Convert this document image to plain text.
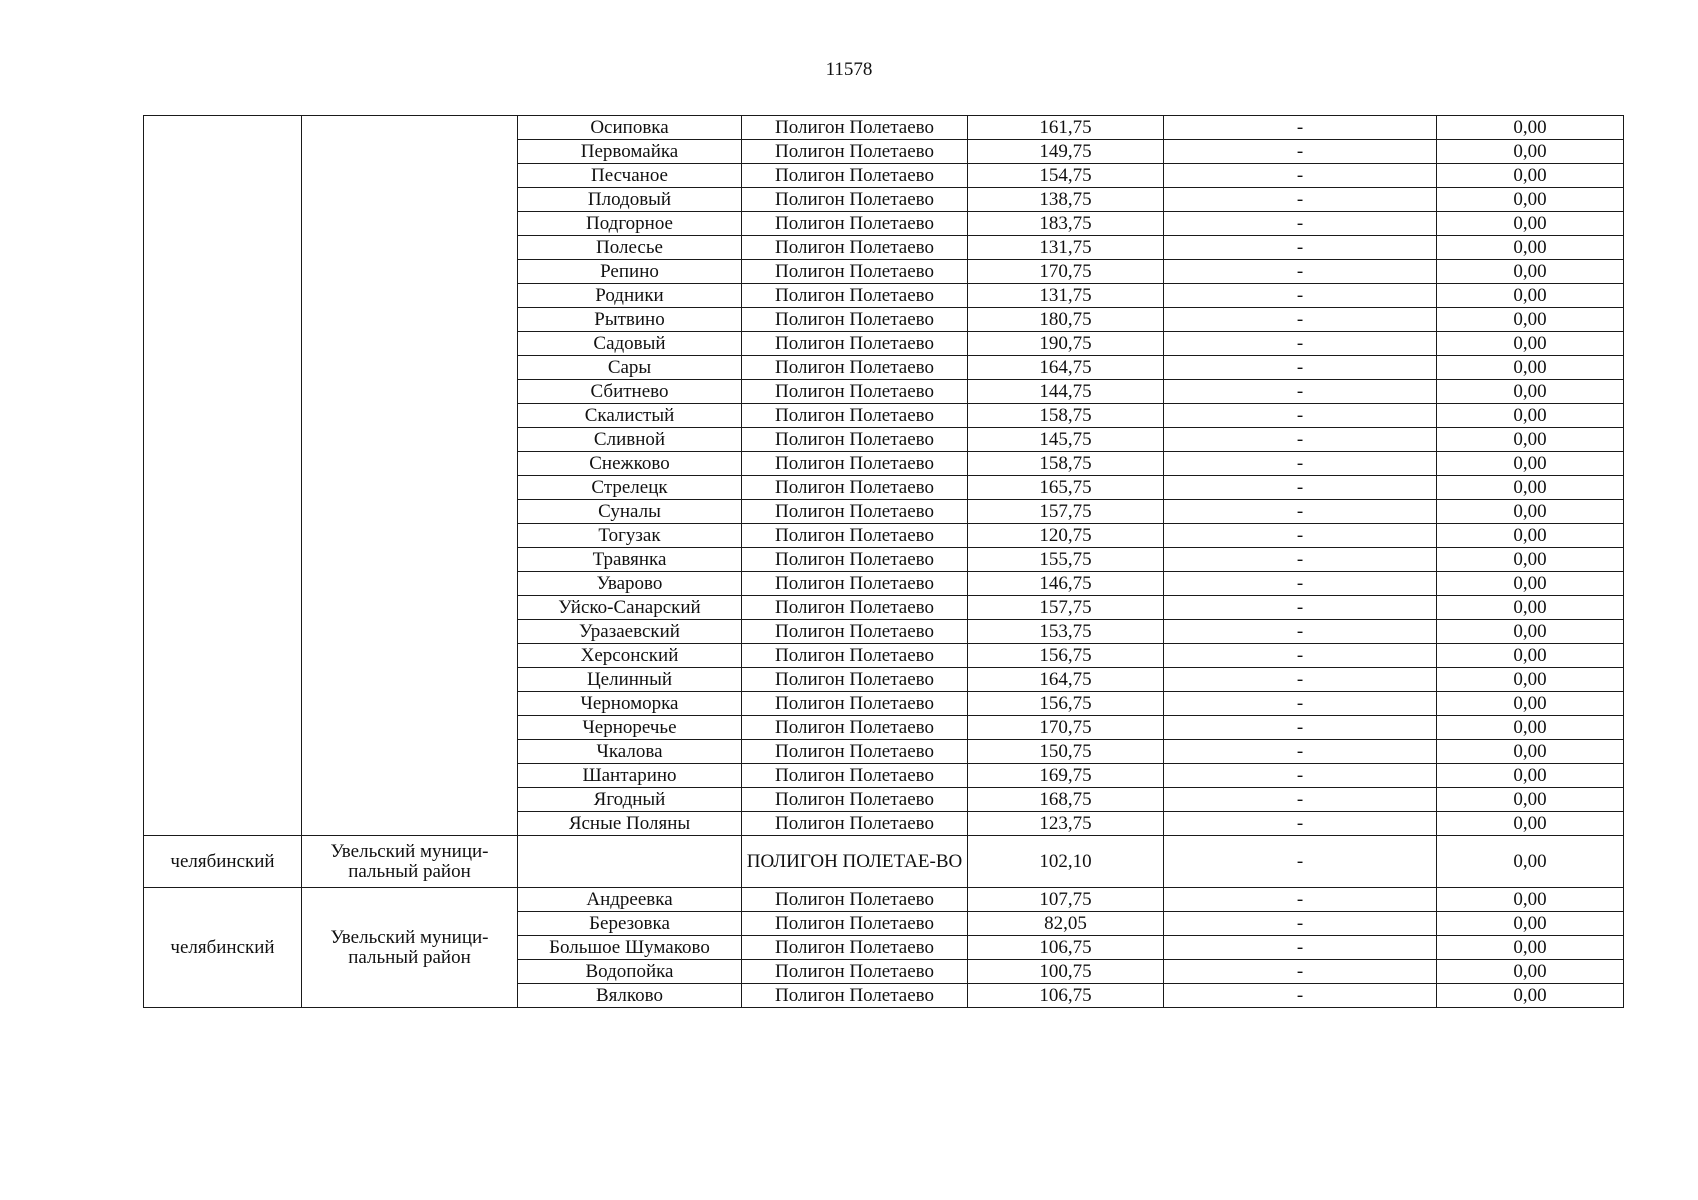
11578
		Осиповка	Полигон Полетаево	161,75	-	0,00
		Первомайка	Полигон Полетаево	149,75	-	0,00
		Песчаное	Полигон Полетаево	154,75	-	0,00
		Плодовый	Полигон Полетаево	138,75	-	0,00
		Подгорное	Полигон Полетаево	183,75	-	0,00
		Полесье	Полигон Полетаево	131,75	-	0,00
		Репино	Полигон Полетаево	170,75	-	0,00
		Родники	Полигон Полетаево	131,75	-	0,00
		Рытвино	Полигон Полетаево	180,75	-	0,00
		Садовый	Полигон Полетаево	190,75	-	0,00
		Сары	Полигон Полетаево	164,75	-	0,00
		Сбитнево	Полигон Полетаево	144,75	-	0,00
		Скалистый	Полигон Полетаево	158,75	-	0,00
		Сливной	Полигон Полетаево	145,75	-	0,00
		Снежково	Полигон Полетаево	158,75	-	0,00
		Стрелецк	Полигон Полетаево	165,75	-	0,00
		Суналы	Полигон Полетаево	157,75	-	0,00
		Тогузак	Полигон Полетаево	120,75	-	0,00
		Травянка	Полигон Полетаево	155,75	-	0,00
		Уварово	Полигон Полетаево	146,75	-	0,00
		Уйско-Санарский	Полигон Полетаево	157,75	-	0,00
		Уразаевский	Полигон Полетаево	153,75	-	0,00
		Херсонский	Полигон Полетаево	156,75	-	0,00
		Целинный	Полигон Полетаево	164,75	-	0,00
		Черноморка	Полигон Полетаево	156,75	-	0,00
		Черноречье	Полигон Полетаево	170,75	-	0,00
		Чкалова	Полигон Полетаево	150,75	-	0,00
		Шантарино	Полигон Полетаево	169,75	-	0,00
		Ягодный	Полигон Полетаево	168,75	-	0,00
		Ясные Поляны	Полигон Полетаево	123,75	-	0,00
челябинский	Увельский муници-пальный район		ПОЛИГОН ПОЛЕТАЕ-ВО	102,10	-	0,00
челябинский	Увельский муници-пальный район	Андреевка	Полигон Полетаево	107,75	-	0,00
		Березовка	Полигон Полетаево	82,05	-	0,00
		Большое Шумаково	Полигон Полетаево	106,75	-	0,00
		Водопойка	Полигон Полетаево	100,75	-	0,00
		Вялково	Полигон Полетаево	106,75	-	0,00
